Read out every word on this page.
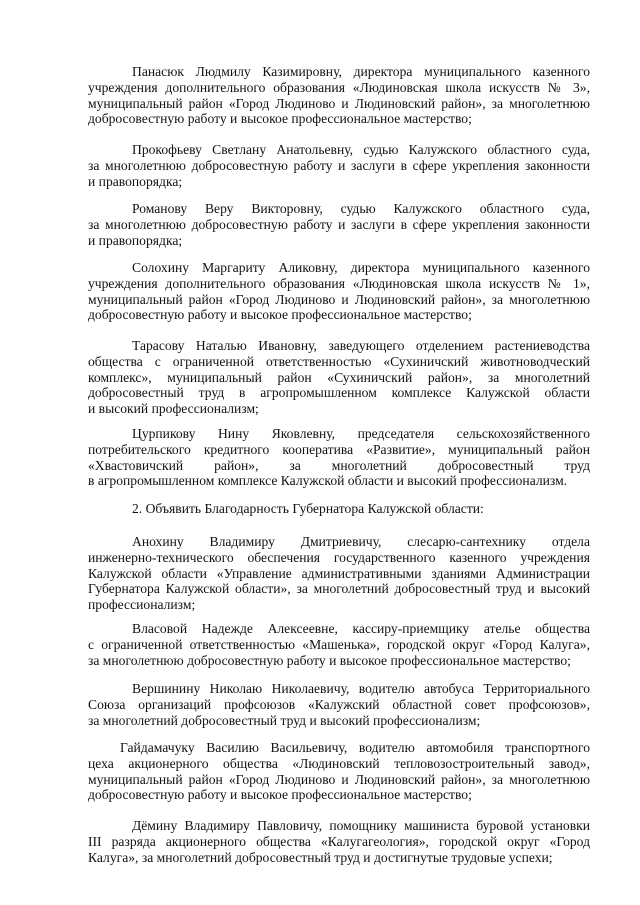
Панасюк Людмилу Казимировну, директора муниципального казенного
учреждения дополнительного образования «Людиновская школа искусств № 3»,
муниципальный район «Город Людиново и Людиновский район», за многолетнюю
добросовестную работу и высокое профессиональное мастерство;
Прокофьеву Светлану Анатольевну, судью Калужского областного суда,
за многолетнюю добросовестную работу и заслуги в сфере укрепления законности
и правопорядка;
Романову Веру Викторовну, судью Калужского областного суда,
за многолетнюю добросовестную работу и заслуги в сфере укрепления законности
и правопорядка;
Солохину Маргариту Аликовну, директора муниципального казенного
учреждения дополнительного образования «Людиновская школа искусств № 1»,
муниципальный район «Город Людиново и Людиновский район», за многолетнюю
добросовестную работу и высокое профессиональное мастерство;
Тарасову Наталью Ивановну, заведующего отделением растениеводства
общества с ограниченной ответственностью «Сухиничский животноводческий
комплекс», муниципальный район «Сухиничский район», за многолетний
добросовестный труд в агропромышленном комплексе Калужской области
и высокий профессионализм;
Цурпикову Нину Яковлевну, председателя сельскохозяйственного
потребительского кредитного кооператива «Развитие», муниципальный район
«Хвастовичский район», за многолетний добросовестный труд
в агропромышленном комплексе Калужской области и высокий профессионализм.
2. Объявить Благодарность Губернатора Калужской области:
Анохину Владимиру Дмитриевичу, слесарю-сантехнику отдела
инженерно-технического обеспечения государственного казенного учреждения
Калужской области «Управление административными зданиями Администрации
Губернатора Калужской области», за многолетний добросовестный труд и высокий
профессионализм;
Власовой Надежде Алексеевне, кассиру-приемщику ателье общества
с ограниченной ответственностью «Машенька», городской округ «Город Калуга»,
за многолетнюю добросовестную работу и высокое профессиональное мастерство;
Вершинину Николаю Николаевичу, водителю автобуса Территориального
Союза организаций профсоюзов «Калужский областной совет профсоюзов»,
за многолетний добросовестный труд и высокий профессионализм;
Гайдамачуку Василию Васильевичу, водителю автомобиля транспортного
цеха акционерного общества «Людиновский тепловозостроительный завод»,
муниципальный район «Город Людиново и Людиновский район», за многолетнюю
добросовестную работу и высокое профессиональное мастерство;
Дёмину Владимиру Павловичу, помощнику машиниста буровой установки
III разряда акционерного общества «Калугагеология», городской округ «Город
Калуга», за многолетний добросовестный труд и достигнутые трудовые успехи;
